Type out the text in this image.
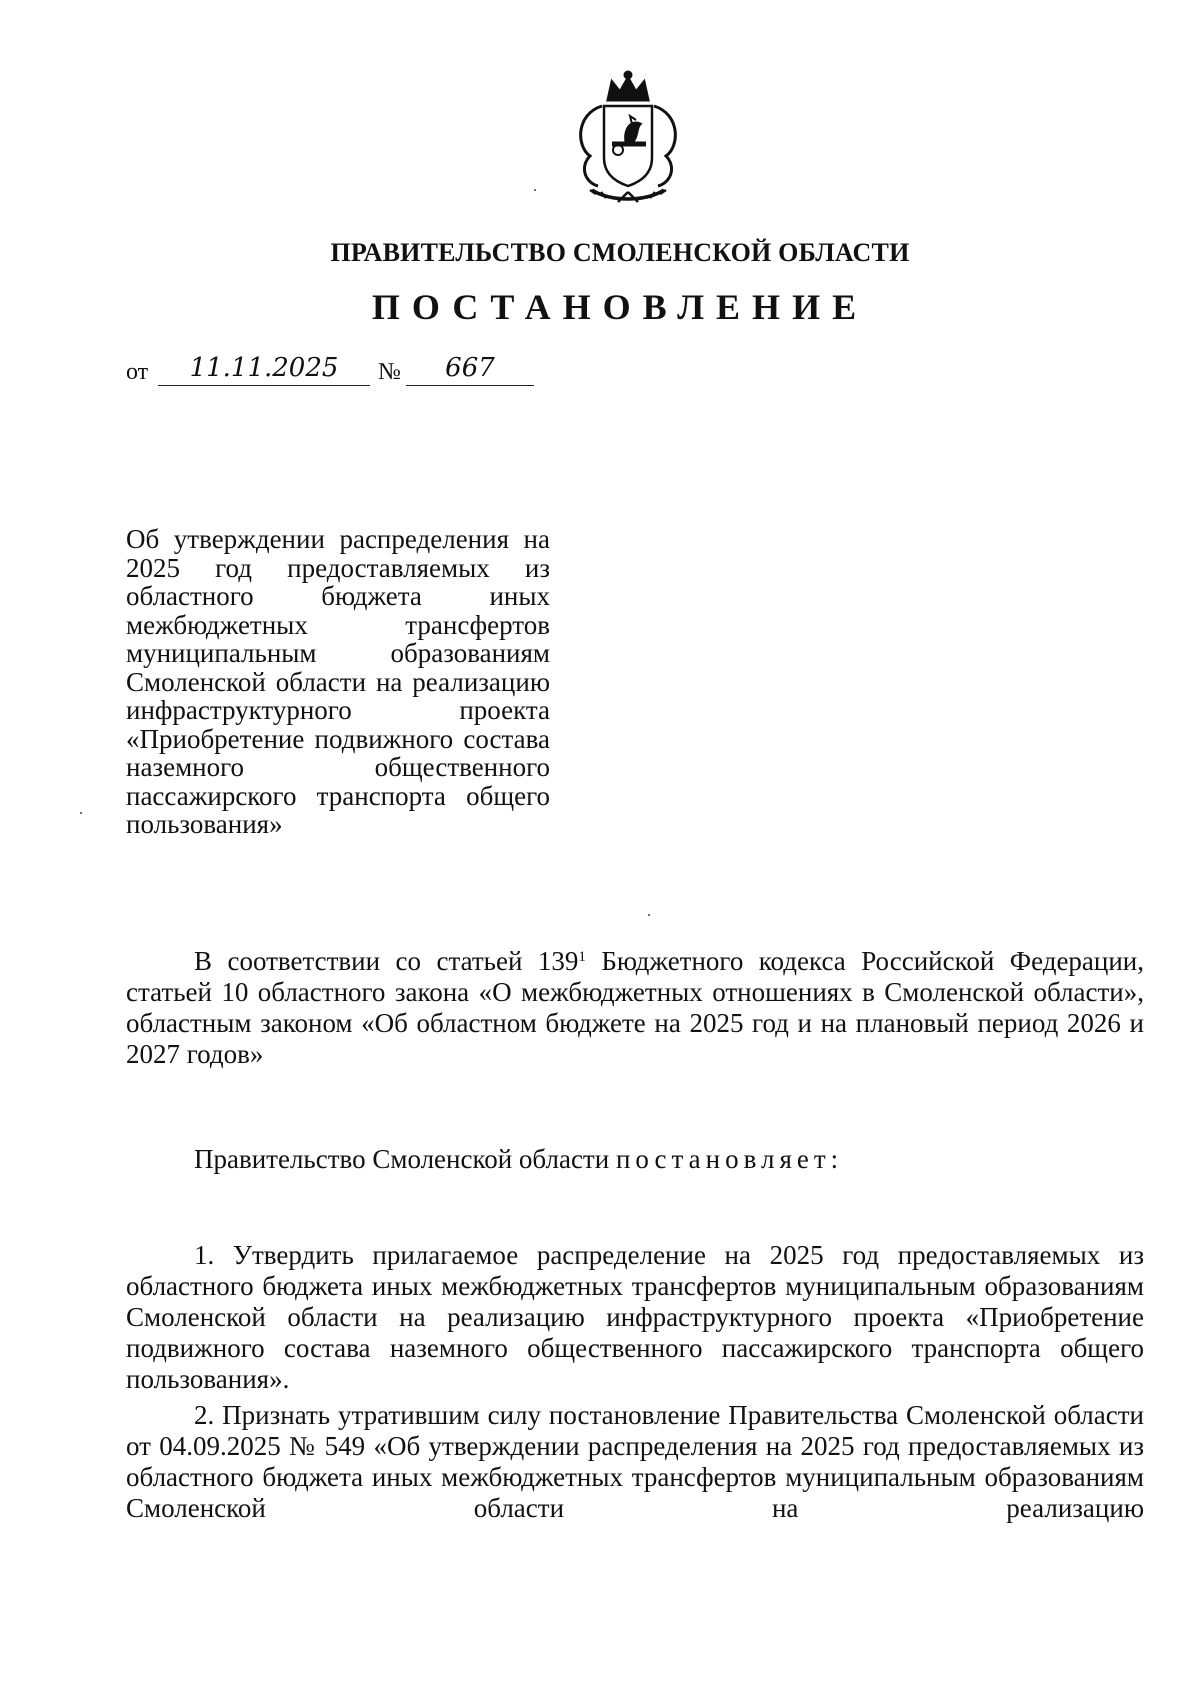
ПРАВИТЕЛЬСТВО СМОЛЕНСКОЙ ОБЛАСТИ
ПОСТАНОВЛЕНИЕ
от	11.11.2025	№	667
Об утверждении распределения на 2025 год предоставляемых из областного бюджета иных межбюджетных трансфертов муниципальным образованиям Смоленской области на реализацию инфраструктурного проекта «Приобретение подвижного состава наземного общественного пассажирского транспорта общего пользования»
В соответствии со статьей $139^1$ Бюджетного кодекса Российской Федерации, статьей 10 областного закона «О межбюджетных отношениях в Смоленской области», областным законом «Об областном бюджете на 2025 год и на плановый период 2026 и 2027 годов»
Правительство Смоленской области постановляет:
1. Утвердить прилагаемое распределение на 2025 год предоставляемых из областного бюджета иных межбюджетных трансфертов муниципальным образованиям Смоленской области на реализацию инфраструктурного проекта «Приобретение подвижного состава наземного общественного пассажирского транспорта общего пользования».
2. Признать утратившим силу постановление Правительства Смоленской области от 04.09.2025 № 549 «Об утверждении распределения на 2025 год предоставляемых из областного бюджета иных межбюджетных трансфертов муниципальным образованиям Смоленской области на реализацию
